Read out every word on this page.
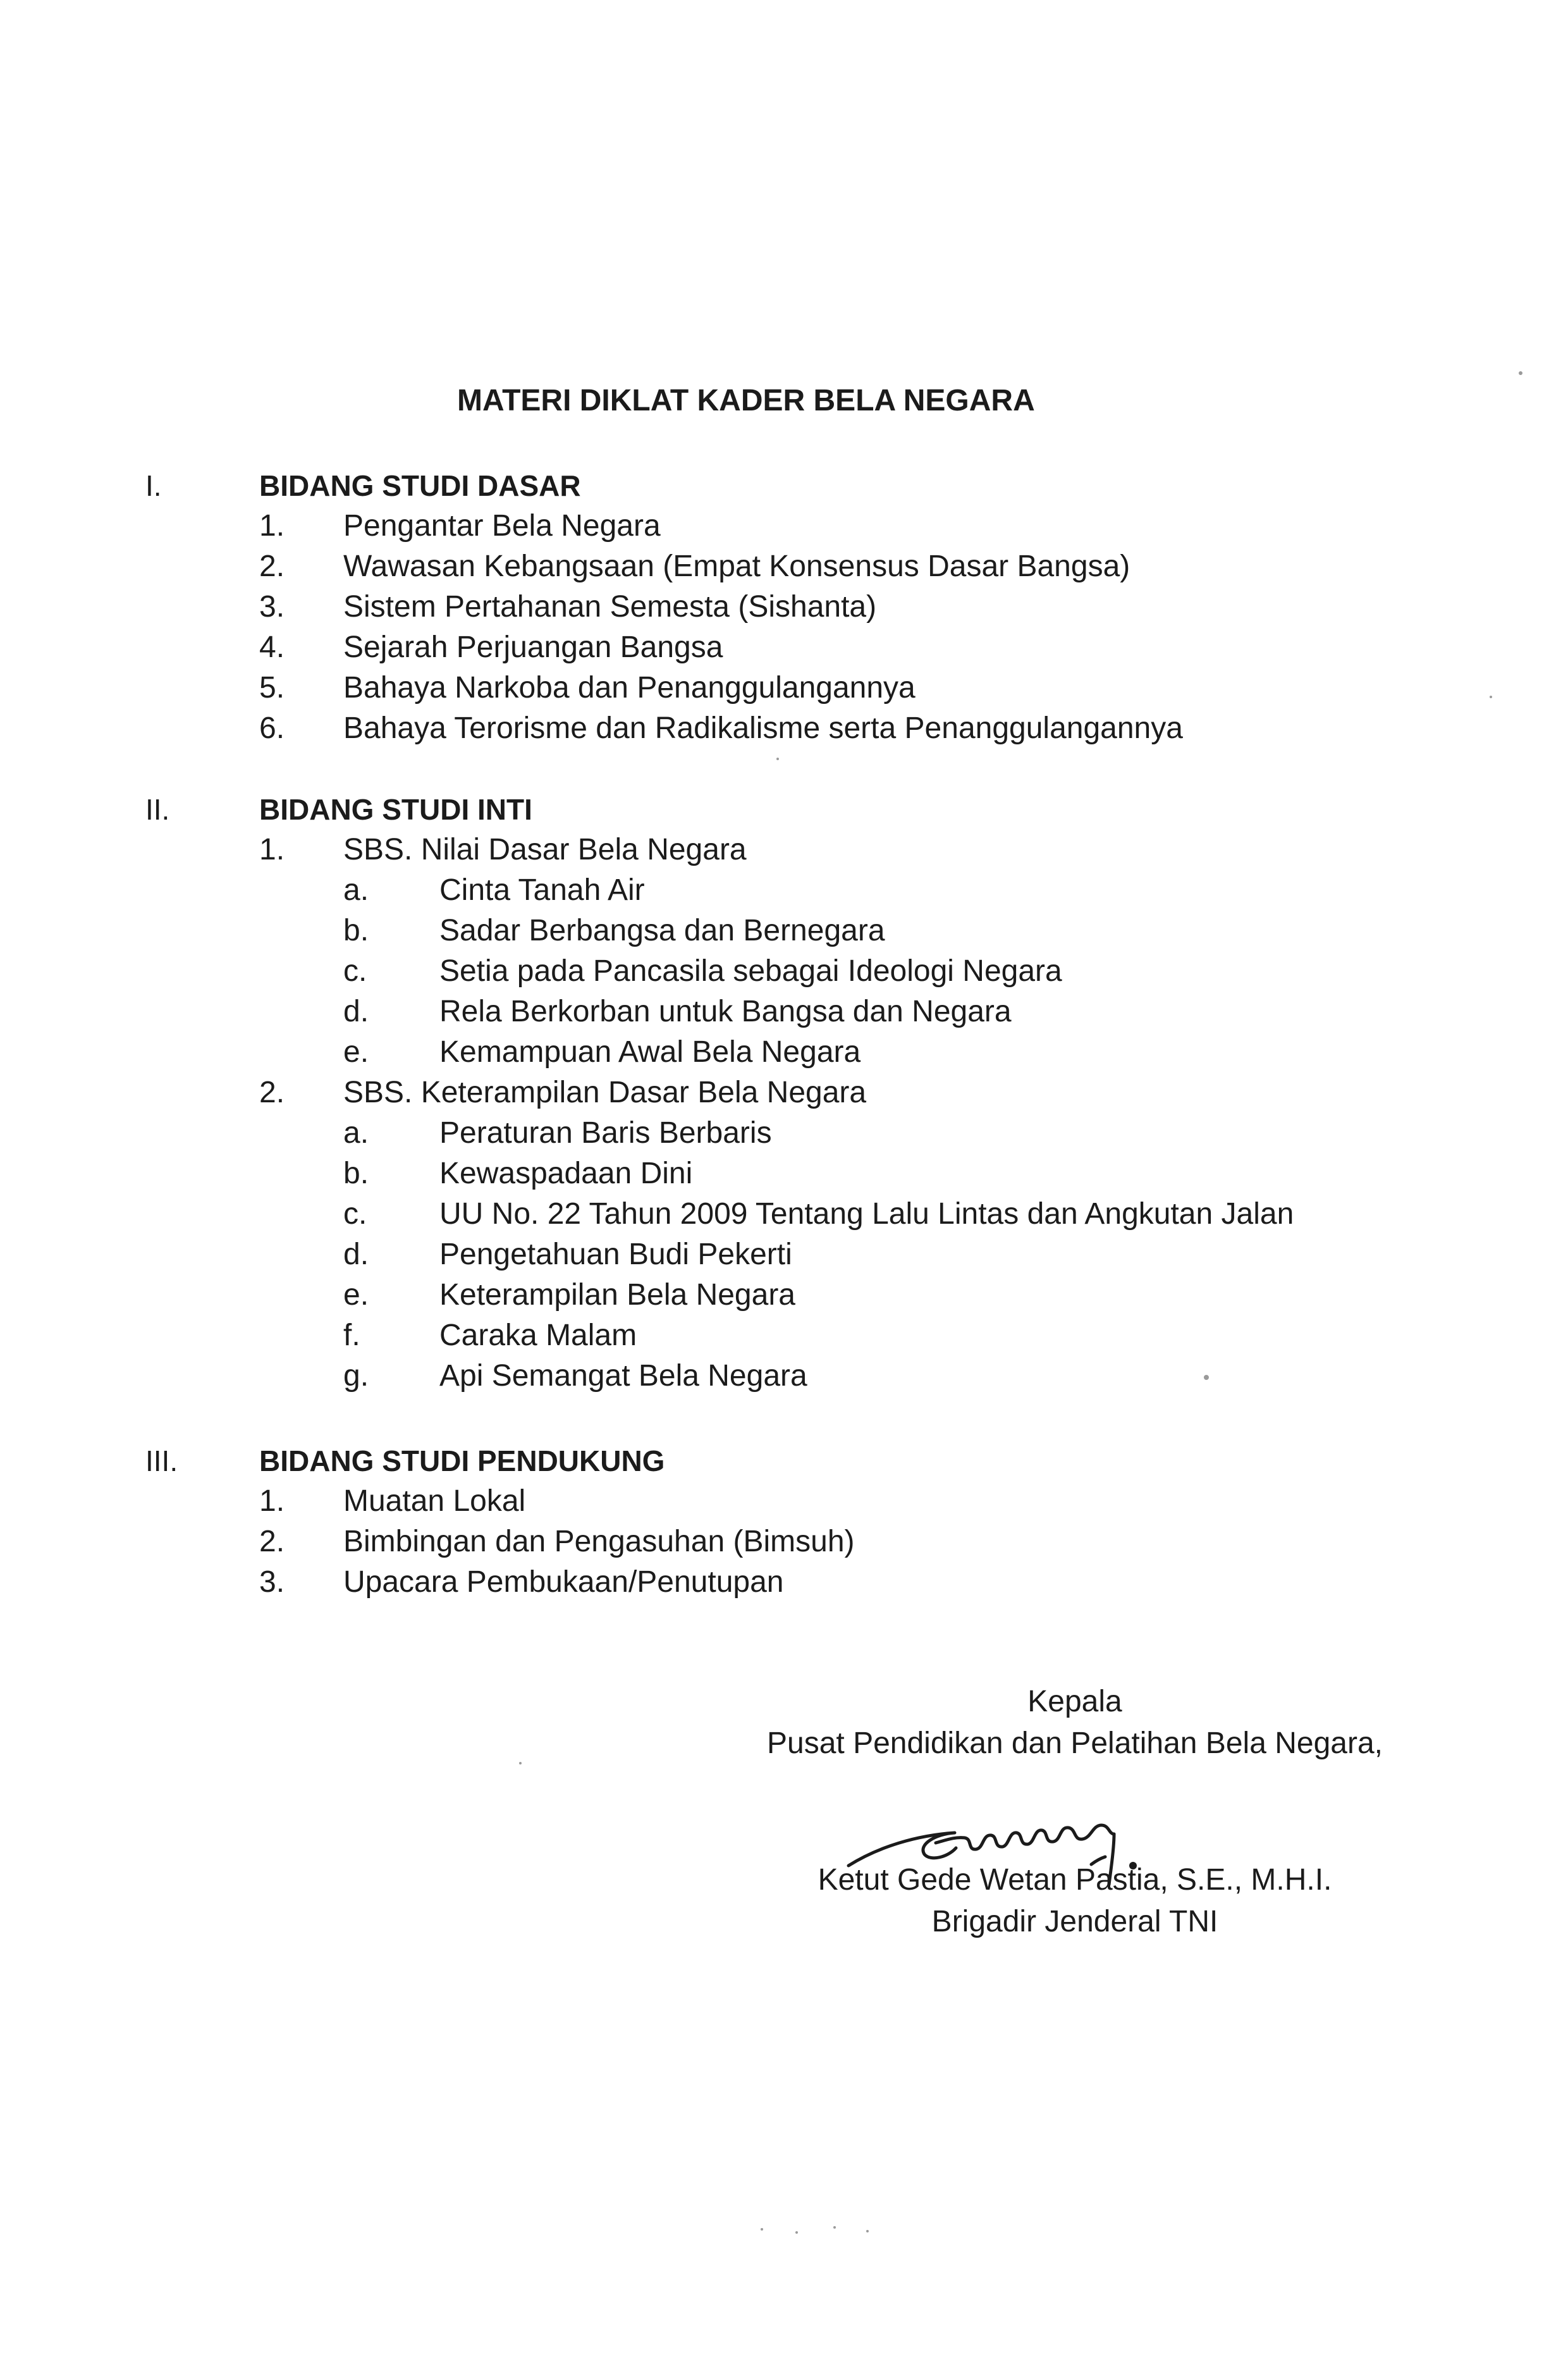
MATERI DIKLAT KADER BELA NEGARA
I.	BIDANG STUDI DASAR
1. Pengantar Bela Negara
2. Wawasan Kebangsaan (Empat Konsensus Dasar Bangsa)
3. Sistem Pertahanan Semesta (Sishanta)
4. Sejarah Perjuangan Bangsa
5. Bahaya Narkoba dan Penanggulangannya
6. Bahaya Terorisme dan Radikalisme serta Penanggulangannya
II.	BIDANG STUDI INTI
1. SBS. Nilai Dasar Bela Negara
a. Cinta Tanah Air
b. Sadar Berbangsa dan Bernegara
c. Setia pada Pancasila sebagai Ideologi Negara
d. Rela Berkorban untuk Bangsa dan Negara
e. Kemampuan Awal Bela Negara
2. SBS. Keterampilan Dasar Bela Negara
a. Peraturan Baris Berbaris
b. Kewaspadaan Dini
c. UU No. 22 Tahun 2009 Tentang Lalu Lintas dan Angkutan Jalan
d. Pengetahuan Budi Pekerti
e. Keterampilan Bela Negara
f.	Caraka Malam
g. Api Semangat Bela Negara
III.	BIDANG STUDI PENDUKUNG
1. Muatan Lokal
2. Bimbingan dan Pengasuhan (Bimsuh)
3. Upacara Pembukaan/Penutupan
Kepala
Pusat Pendidikan dan Pelatihan Bela Negara,
Ketut Gede Wetan Pastia, S.E., M.H.I.
Brigadir Jenderal TNI
